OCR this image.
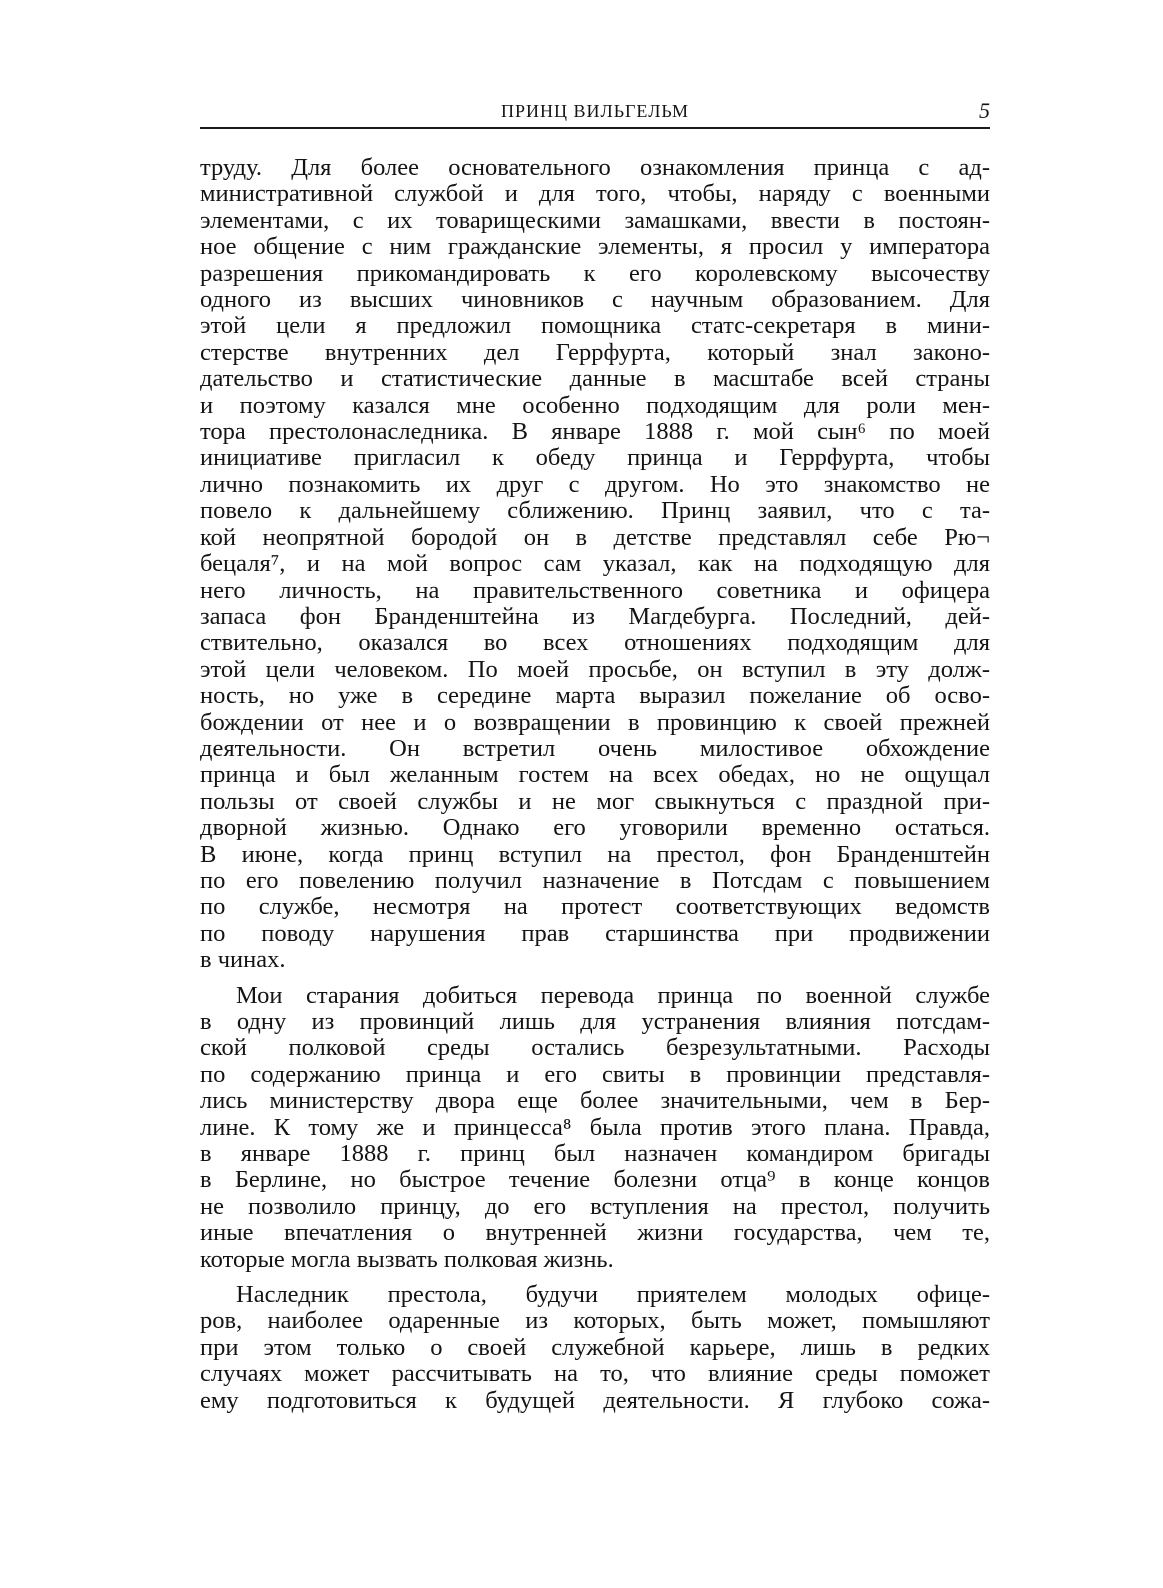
ПРИНЦ ВИЛЬГЕЛЬМ	5
труду. Для более основательного ознакомления принца с ад-
министративной службой и для того, чтобы, наряду с военными
элементами, с их товарищескими замашками, ввести в постоян-
ное общение с ним гражданские элементы, я просил у императора
разрешения прикомандировать к его королевскому высочеству
одного из высших чиновников с научным образованием. Для
этой цели я предложил помощника статс-секретаря в мини-
стерстве внутренних дел Геррфурта, который знал законо-
дательство и статистические данные в масштабе всей страны
и поэтому казался мне особенно подходящим для роли мен-
тора престолонаследника. В январе 1888 г. мой сын⁶ по моей
инициативе пригласил к обеду принца и Геррфурта, чтобы
лично познакомить их друг с другом. Но это знакомство не
повело к дальнейшему сближению. Принц заявил, что с та-
кой неопрятной бородой он в детстве представлял себе Рю¬
бецаля⁷, и на мой вопрос сам указал, как на подходящую для
него личность, на правительственного советника и офицера
запаса фон Бранденштейна из Магдебурга. Последний, дей-
ствительно, оказался во всех отношениях подходящим для
этой цели человеком. По моей просьбе, он вступил в эту долж-
ность, но уже в середине марта выразил пожелание об осво-
бождении от нее и о возвращении в провинцию к своей прежней
деятельности. Он встретил очень милостивое обхождение
принца и был желанным гостем на всех обедах, но не ощущал
пользы от своей службы и не мог свыкнуться с праздной при-
дворной жизнью. Однако его уговорили временно остаться.
В июне, когда принц вступил на престол, фон Бранденштейн
по его повелению получил назначение в Потсдам с повышением
по службе, несмотря на протест соответствующих ведомств
по поводу нарушения прав старшинства при продвижении
в чинах.
Мои старания добиться перевода принца по военной службе
в одну из провинций лишь для устранения влияния потсдам-
ской полковой среды остались безрезультатными. Расходы
по содержанию принца и его свиты в провинции представля-
лись министерству двора еще более значительными, чем в Бер-
лине. К тому же и принцесса⁸ была против этого плана. Правда,
в январе 1888 г. принц был назначен командиром бригады
в Берлине, но быстрое течение болезни отца⁹ в конце концов
не позволило принцу, до его вступления на престол, получить
иные впечатления о внутренней жизни государства, чем те,
которые могла вызвать полковая жизнь.
Наследник престола, будучи приятелем молодых офице-
ров, наиболее одаренные из которых, быть может, помышляют
при этом только о своей служебной карьере, лишь в редких
случаях может рассчитывать на то, что влияние среды поможет
ему подготовиться к будущей деятельности. Я глубоко сожа-
